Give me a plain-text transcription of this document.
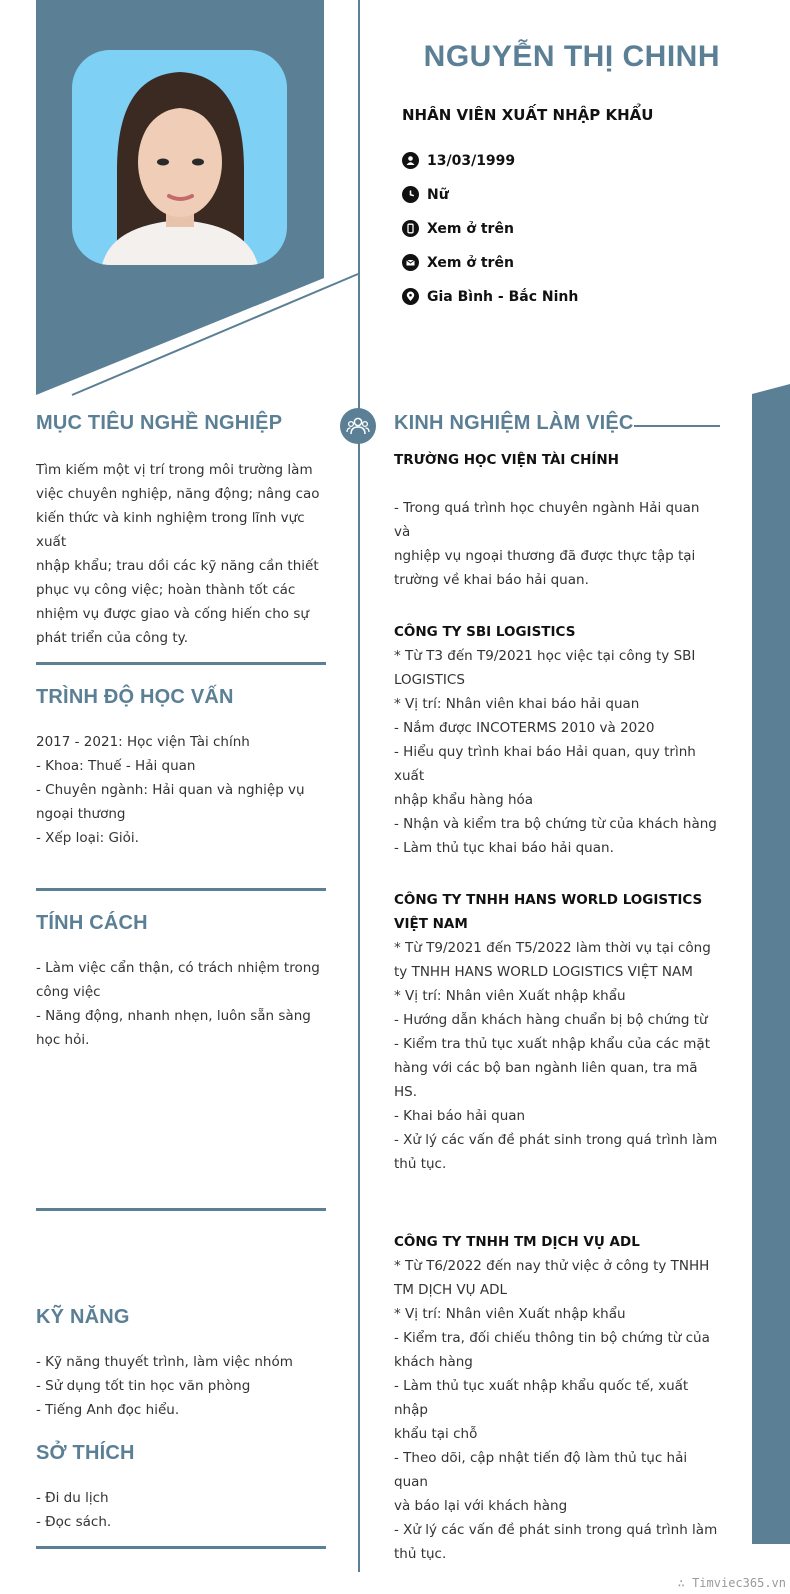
NGUYỄN THỊ CHINH
NHÂN VIÊN XUẤT NHẬP KHẨU
13/03/1999
Nữ
Xem ở trên
Xem ở trên
Gia Bình - Bắc Ninh
MỤC TIÊU NGHỀ NGHIỆP
Tìm kiếm một vị trí trong môi trường làm
việc chuyên nghiệp, năng động; nâng cao
kiến thức và kinh nghiệm trong lĩnh vực xuất
nhập khẩu; trau dồi các kỹ năng cần thiết
phục vụ công việc; hoàn thành tốt các
nhiệm vụ được giao và cống hiến cho sự
phát triển của công ty.
TRÌNH ĐỘ HỌC VẤN
2017 - 2021: Học viện Tài chính
- Khoa: Thuế - Hải quan
- Chuyên ngành: Hải quan và nghiệp vụ
ngoại thương
- Xếp loại: Giỏi.
TÍNH CÁCH
- Làm việc cẩn thận, có trách nhiệm trong
công việc
- Năng động, nhanh nhẹn, luôn sẵn sàng
học hỏi.
KỸ NĂNG
- Kỹ năng thuyết trình, làm việc nhóm
- Sử dụng tốt tin học văn phòng
- Tiếng Anh đọc hiểu.
SỞ THÍCH
- Đi du lịch
- Đọc sách.
KINH NGHIỆM LÀM VIỆC
TRƯỜNG HỌC VIỆN TÀI CHÍNH
- Trong quá trình học chuyên ngành Hải quan và
nghiệp vụ ngoại thương đã được thực tập tại
trường về khai báo hải quan.
CÔNG TY SBI LOGISTICS
* Từ T3 đến T9/2021 học việc tại công ty SBI
LOGISTICS
* Vị trí: Nhân viên khai báo hải quan
- Nắm được INCOTERMS 2010 và 2020
- Hiểu quy trình khai báo Hải quan, quy trình xuất
nhập khẩu hàng hóa
- Nhận và kiểm tra bộ chứng từ của khách hàng
- Làm thủ tục khai báo hải quan.
CÔNG TY TNHH HANS WORLD LOGISTICS VIỆT NAM
* Từ T9/2021 đến T5/2022 làm thời vụ tại công
ty TNHH HANS WORLD LOGISTICS VIỆT NAM
* Vị trí: Nhân viên Xuất nhập khẩu
- Hướng dẫn khách hàng chuẩn bị bộ chứng từ
- Kiểm tra thủ tục xuất nhập khẩu của các mặt
hàng với các bộ ban ngành liên quan, tra mã HS.
- Khai báo hải quan
- Xử lý các vấn đề phát sinh trong quá trình làm
thủ tục.
CÔNG TY TNHH TM DỊCH VỤ ADL
* Từ T6/2022 đến nay thử việc ở công ty TNHH
TM DỊCH VỤ ADL
* Vị trí: Nhân viên Xuất nhập khẩu
- Kiểm tra, đối chiếu thông tin bộ chứng từ của
khách hàng
- Làm thủ tục xuất nhập khẩu quốc tế, xuất nhập
khẩu tại chỗ
- Theo dõi, cập nhật tiến độ làm thủ tục hải quan
và báo lại với khách hàng
- Xử lý các vấn đề phát sinh trong quá trình làm
thủ tục.
∴ Timviec365.vn
